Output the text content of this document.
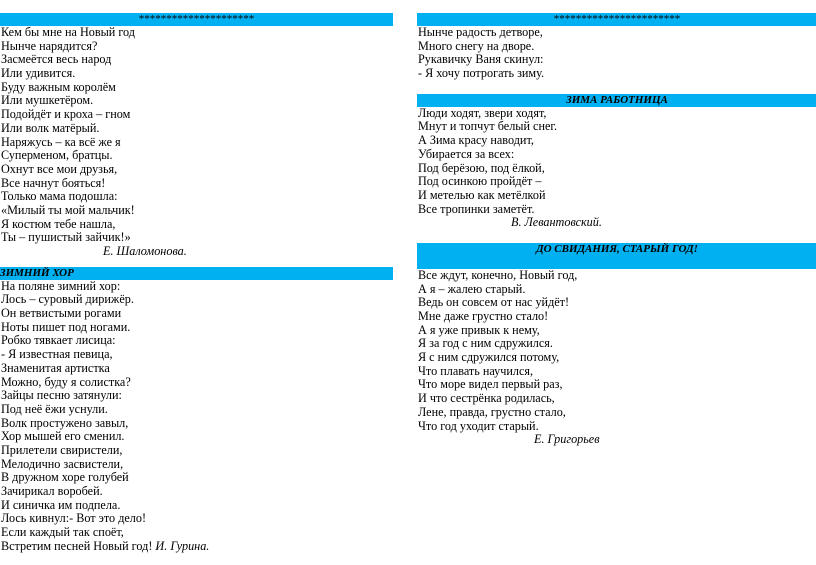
*********************
Кем бы мне на Новый год
Нынче нарядится?
Засмеётся весь народ
Или удивится.
Буду важным королём
Или мушкетёром.
Подойдёт и кроха – гном
Или волк матёрый.
Наряжусь – ка всё же я
Суперменом, братцы.
Охнут все мои друзья,
Все начнут бояться!
Только мама подошла:
«Милый ты мой мальчик!
Я костюм тебе нашла,
Ты – пушистый зайчик!»
Е. Шаломонова.
ЗИМНИЙ ХОР
На поляне зимний хор:
Лось – суровый дирижёр.
Он ветвистыми рогами
Ноты пишет под ногами.
Робко тявкает лисица:
- Я известная певица,
Знаменитая артистка
Можно, буду я солистка?
Зайцы песню затянули:
Под неё ёжи уснули.
Волк простужено завыл,
Хор мышей его сменил.
Прилетели свиристели,
Мелодично засвистели,
В дружном хоре голубей
Зачирикал воробей.
И синичка им подпела.
Лось кивнул:- Вот это дело!
Если каждый так споёт,
Встретим песней Новый год! И. Гурина.
***********************
Нынче радость детворе,
Много снегу на дворе.
Рукавичку Ваня скинул:
- Я хочу потрогать зиму.
ЗИМА РАБОТНИЦА
Люди ходят, звери ходят,
Мнут и топчут белый снег.
А Зима красу наводит,
Убирается за всех:
Под берёзою, под ёлкой,
Под осинкою пройдёт –
И метелью как метёлкой
Все тропинки заметёт.
В. Левантовский.
ДО СВИДАНИЯ, СТАРЫЙ ГОД!
Все ждут, конечно, Новый год,
А я – жалею старый.
Ведь он совсем от нас уйдёт!
Мне даже грустно стало!
А я уже привык к нему,
Я за год с ним сдружился.
Я с ним сдружился потому,
Что плавать научился,
Что море видел первый раз,
И что сестрёнка родилась,
Лене, правда, грустно стало,
Что год уходит старый.
Е. Григорьев
